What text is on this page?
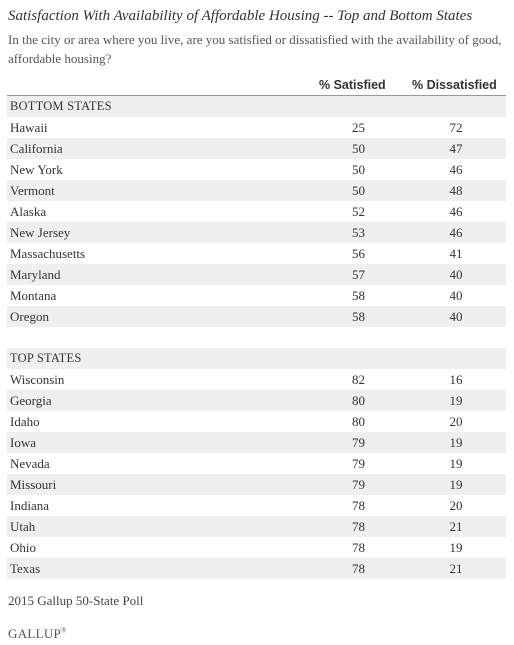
Satisfaction With Availability of Affordable Housing -- Top and Bottom States
In the city or area where you live, are you satisfied or dissatisfied with the availability of good, affordable housing?
% Satisfied % Dissatisfied
BOTTOM STATES		
Hawaii	25	72
California	50	47
New York	50	46
Vermont	50	48
Alaska	52	46
New Jersey	53	46
Massachusetts	56	41
Maryland	57	40
Montana	58	40
Oregon	58	40

TOP STATES		
Wisconsin	82	16
Georgia	80	19
Idaho	80	20
Iowa	79	19
Nevada	79	19
Missouri	79	19
Indiana	78	20
Utah	78	21
Ohio	78	19
Texas	78	21
2015 Gallup 50-State Poll
GALLUP®
